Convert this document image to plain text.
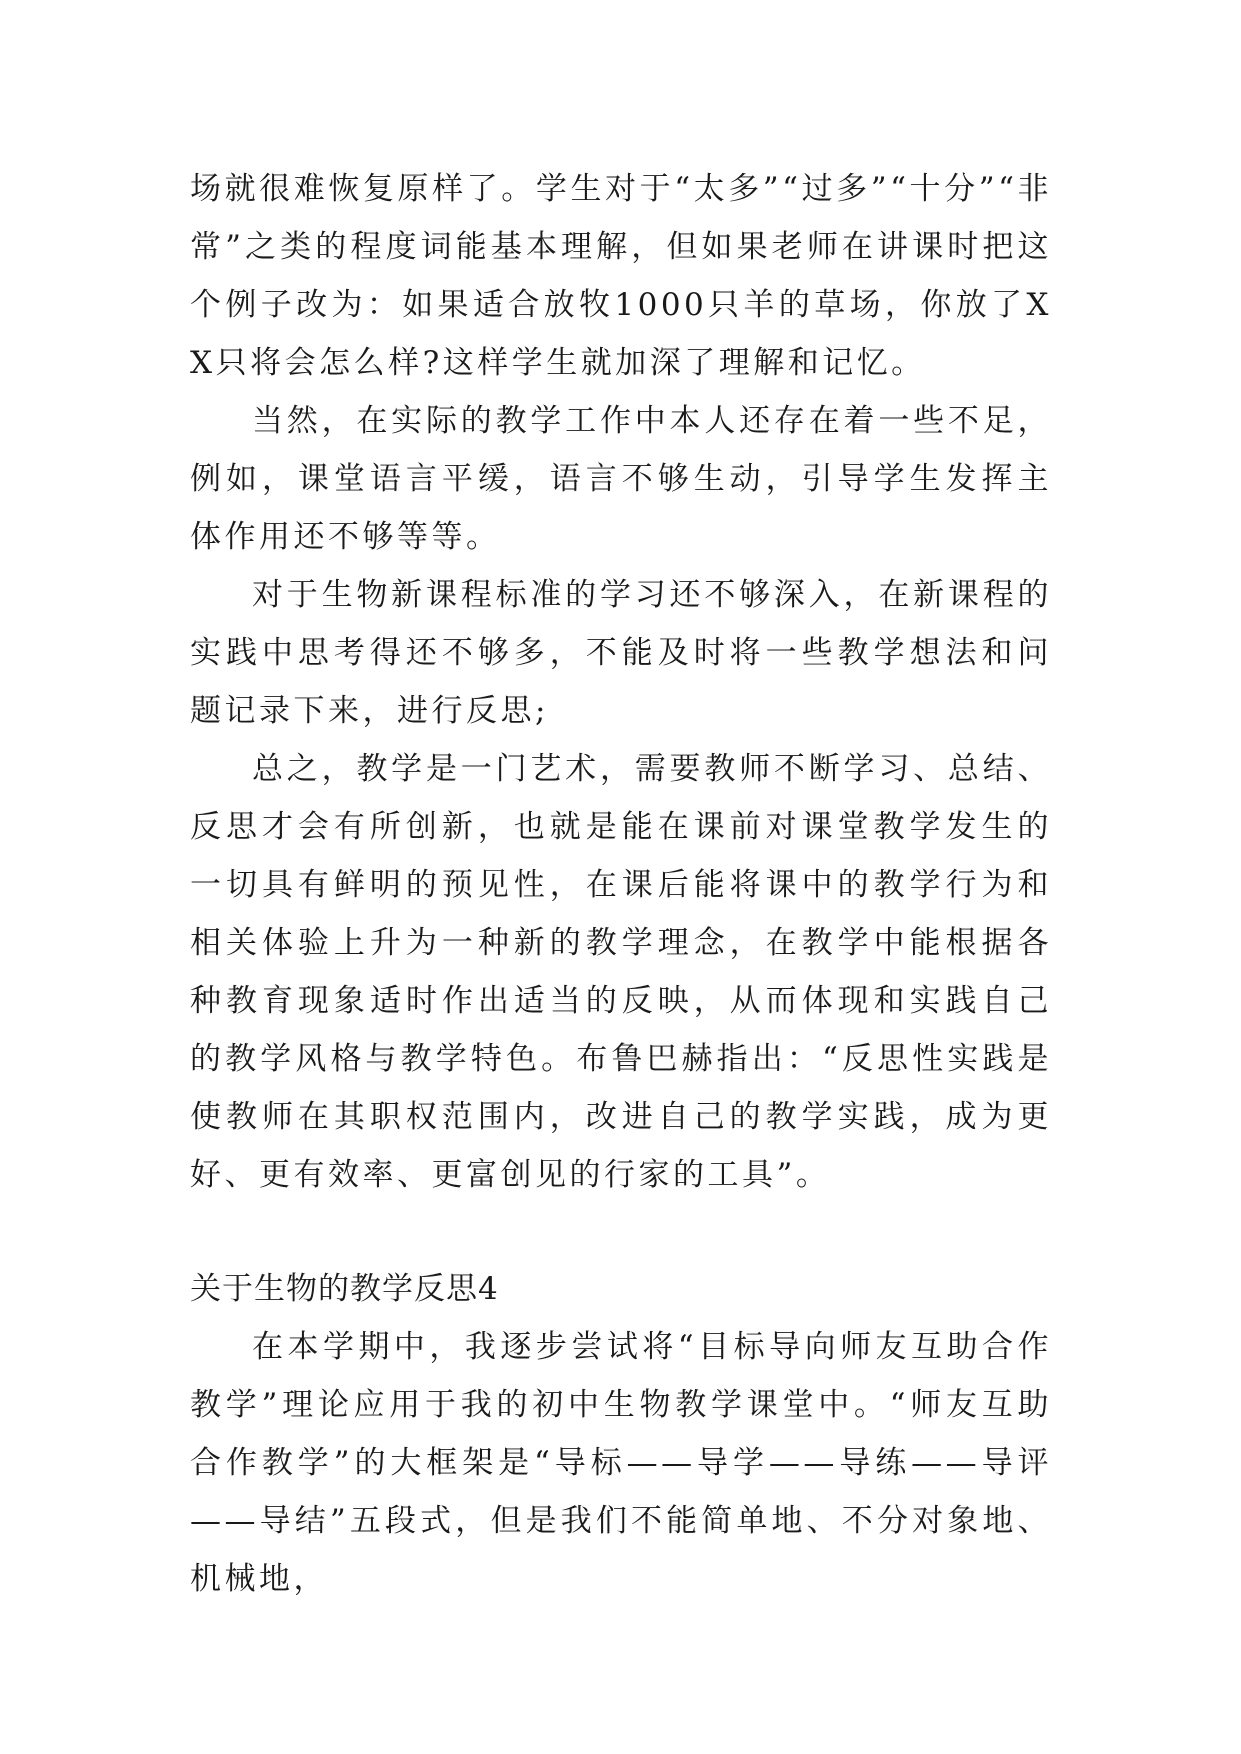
场就很难恢复原样了。学生对于“太多”“过多”“十分”“非常”之类的程度词能基本理解，但如果老师在讲课时把这个例子改为：如果适合放牧1000只羊的草场，你放了XX只将会怎么样?这样学生就加深了理解和记忆。

当然，在实际的教学工作中本人还存在着一些不足，例如，课堂语言平缓，语言不够生动，引导学生发挥主体作用还不够等等。

对于生物新课程标准的学习还不够深入，在新课程的实践中思考得还不够多，不能及时将一些教学想法和问题记录下来，进行反思;

总之，教学是一门艺术，需要教师不断学习、总结、反思才会有所创新，也就是能在课前对课堂教学发生的一切具有鲜明的预见性，在课后能将课中的教学行为和相关体验上升为一种新的教学理念，在教学中能根据各种教育现象适时作出适当的反映，从而体现和实践自己的教学风格与教学特色。布鲁巴赫指出：“反思性实践是使教师在其职权范围内，改进自己的教学实践，成为更好、更有效率、更富创见的行家的工具”。

关于生物的教学反思4

在本学期中，我逐步尝试将“目标导向师友互助合作教学”理论应用于我的初中生物教学课堂中。“师友互助合作教学”的大框架是“导标——导学——导练——导评——导结”五段式，但是我们不能简单地、不分对象地、机械地，
